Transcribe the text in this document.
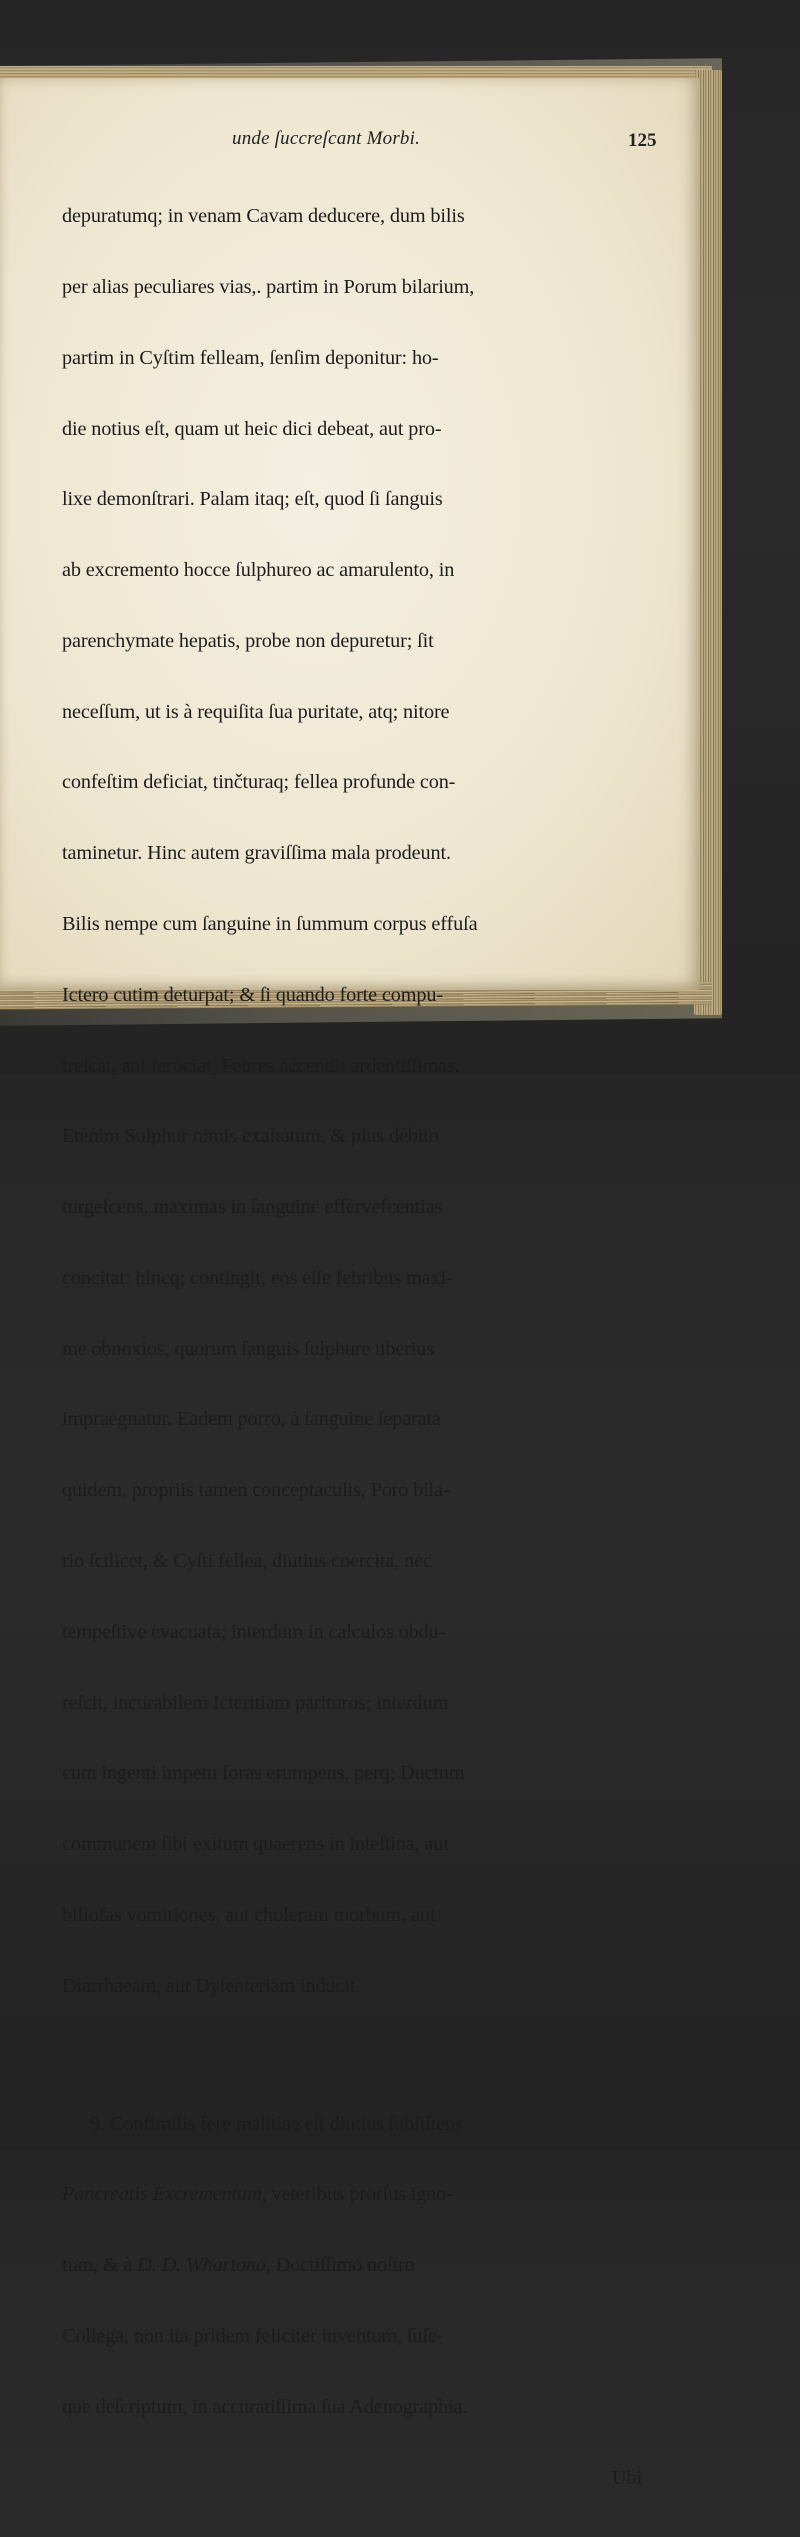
unde ſuccreſcant Morbi.	125

depuratumq; in venam Cavam deducere, dum bilis

per alias peculiares vias,. partim in Porum bilarium,

partim in Cyſtim felleam, ſenſim deponitur: ho-

die notius eſt, quam ut heic dici debeat, aut pro-

lixe demonſtrari. Palam itaq; eſt, quod ſi ſanguis

ab excremento hocce ſulphureo ac amarulento, in

parenchymate hepatis, probe non depuretur; ſit

neceſſum, ut is à requiſita ſua puritate, atq; nitore

confeſtim deficiat, tinčturaq; fellea profunde con-

taminetur. Hinc autem graviſſima mala prodeunt.

Bilis nempe cum ſanguine in ſummum corpus effuſa

Ictero cutim deturpat; & ſi quando forte compu-

treſcat, aut ferociat, Febres accendit ardentiſſimas.

Etenim Sulphur nimis exaltatum, & plus debito

turgeſcens, maximas in ſanguine effervefcentias

concitat: hincq; contingit, eos eſſe febribus maxi-

me obnoxios, quorum ſanguis ſulphure uberius

impraegnatur. Eadem porro, à ſanguine ſeparata

quidem, propriis tamen conceptaculis, Poro bila-

rio ſcilicet, & Cyſti fellea, diutius coercita, nec

tempeſtive evacuata; interdum in calculos obdu-

reſcit, incurabilem Icteritiam parituros; interdum

cum ingenti impetu foras erumpens, perq; Ductum

communem ſibi exitum quaerens in inteſtina, aut

biliofas vomitiones, aut choleram morbum, aut

Diarrhaeam, aut Dyſenteriam inducit.

9. Confimilis fere malitiae eſt diutius ſubſiſtens

Pancreatis Excrementum, veteribus prorſus igno-

tum, & à D. D. Whartono, Doctiſſimo noſtro

Collega, non ita pridem feliciter inventum, ſuſe-

que deſcriptum, in accuratiſſima ſua Adenographia.

Ubi
